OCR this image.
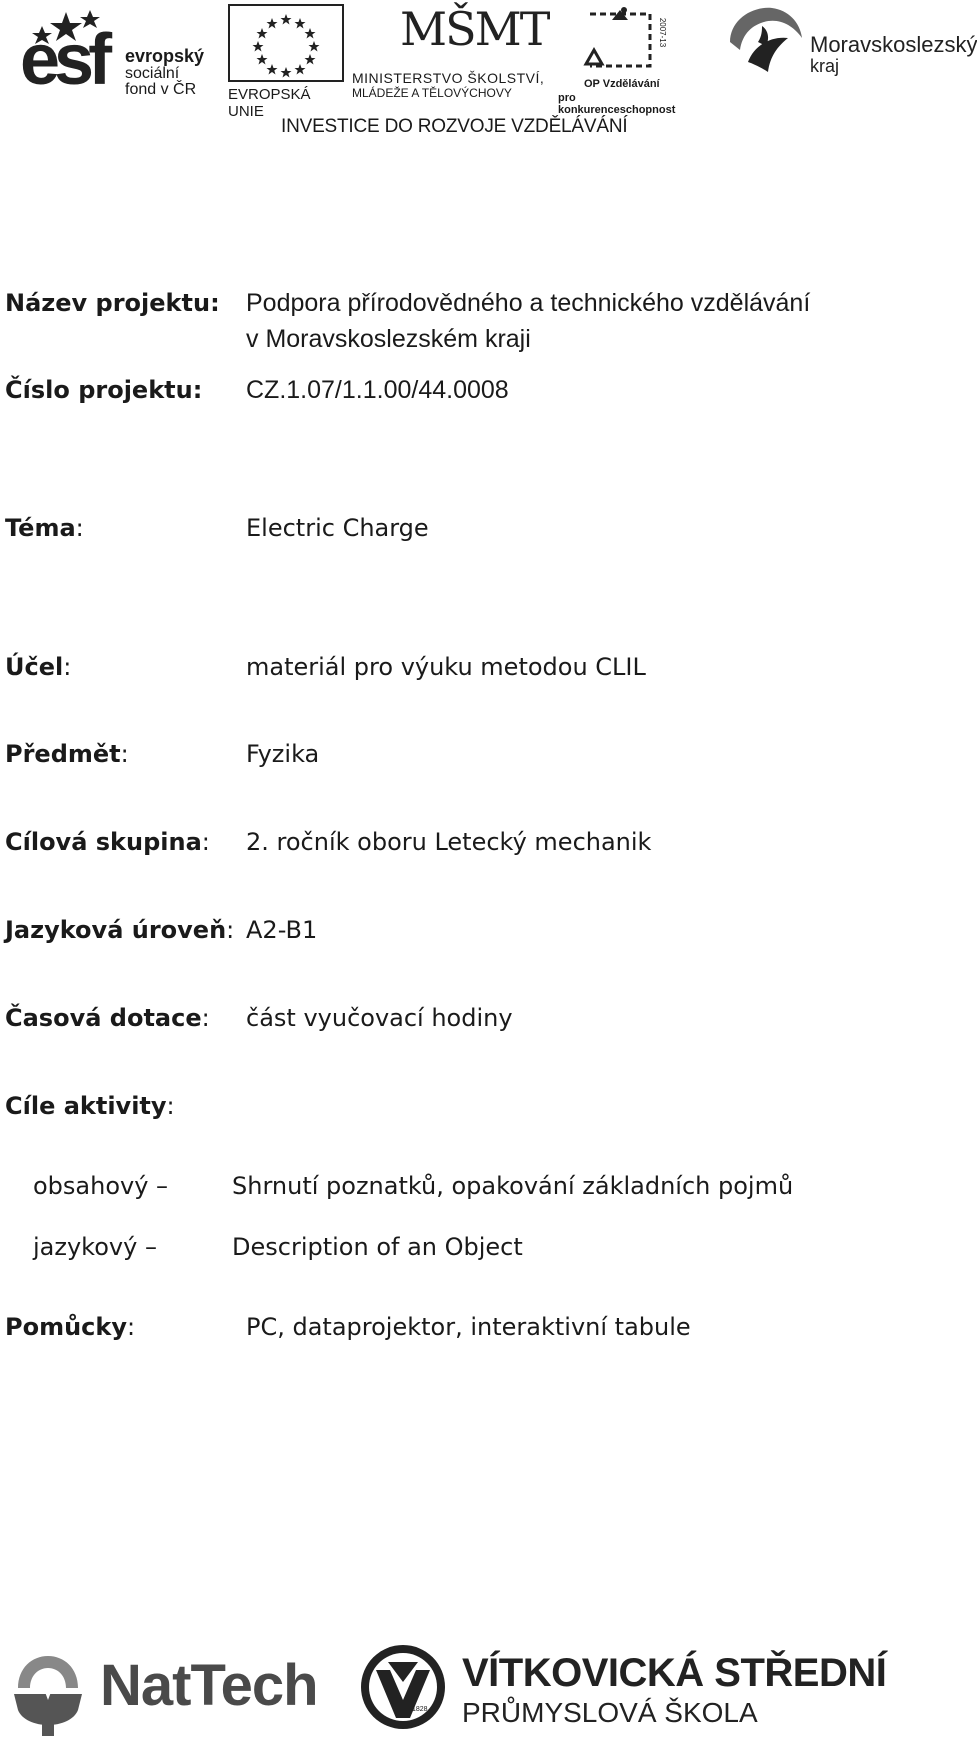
esf evropský
sociální
fond v ČR EVROPSKÁ UNIE
MŠMT
MINISTERSTVO ŠKOLSTVÍ,
MLÁDEŽE A TĚLOVÝCHOVY
2007-13
OP Vzdělávání
pro konkurenceschopnost
Moravskoslezský
kraj
INVESTICE DO ROZVOJE VZDĚLÁVÁNÍ
Název projektu: Podpora přírodovědného a technického vzdělávání
v Moravskoslezském kraji
Číslo projektu: CZ.1.07/1.1.00/44.0008
Téma:	Electric Charge
Účel:	materiál pro výuku metodou CLIL
Předmět:	Fyzika
Cílová skupina: 2. ročník oboru Letecký mechanik
Jazyková úroveň: A2-B1
Časová dotace: část vyučovací hodiny
Cíle aktivity:
obsahový –	Shrnutí poznatků, opakování základních pojmů
jazykový –	Description of an Object
Pomůcky:	PC, dataprojektor, interaktivní tabule
NatTech	1828
VÍTKOVICKÁ STŘEDNÍ
PRŮMYSLOVÁ ŠKOLA
